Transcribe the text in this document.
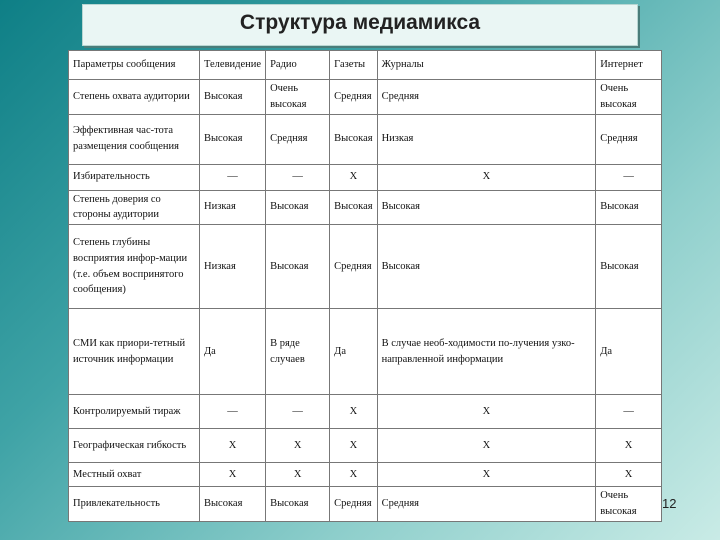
Структура медиамикса
Параметры сообщения	Телевидение	Радио	Газеты	Журналы	Интернет
Степень охвата аудитории	Высокая	Очень высокая	Средняя	Средняя	Очень высокая
Эффективная час-тота размещения сообщения	Высокая	Средняя	Высокая	Низкая	Средняя
Избирательность	—	—	X	X	—
Степень доверия со стороны аудитории	Низкая	Высокая	Высокая	Высокая	Высокая
Степень глубины восприятия инфор-мации (т.е. объем воспринятого сообщения)	Низкая	Высокая	Средняя	Высокая	Высокая
СМИ как приори-тетный источник информации	Да	В ряде случаев	Да	В случае необ-ходимости по-лучения узко-направленной информации	Да
Контролируемый тираж	—	—	X	X	—
Географическая гибкость	X	X	X	X	X
Местный охват	X	X	X	X	X
Привлекательность	Высокая	Высокая	Средняя	Средняя	Очень высокая
12
